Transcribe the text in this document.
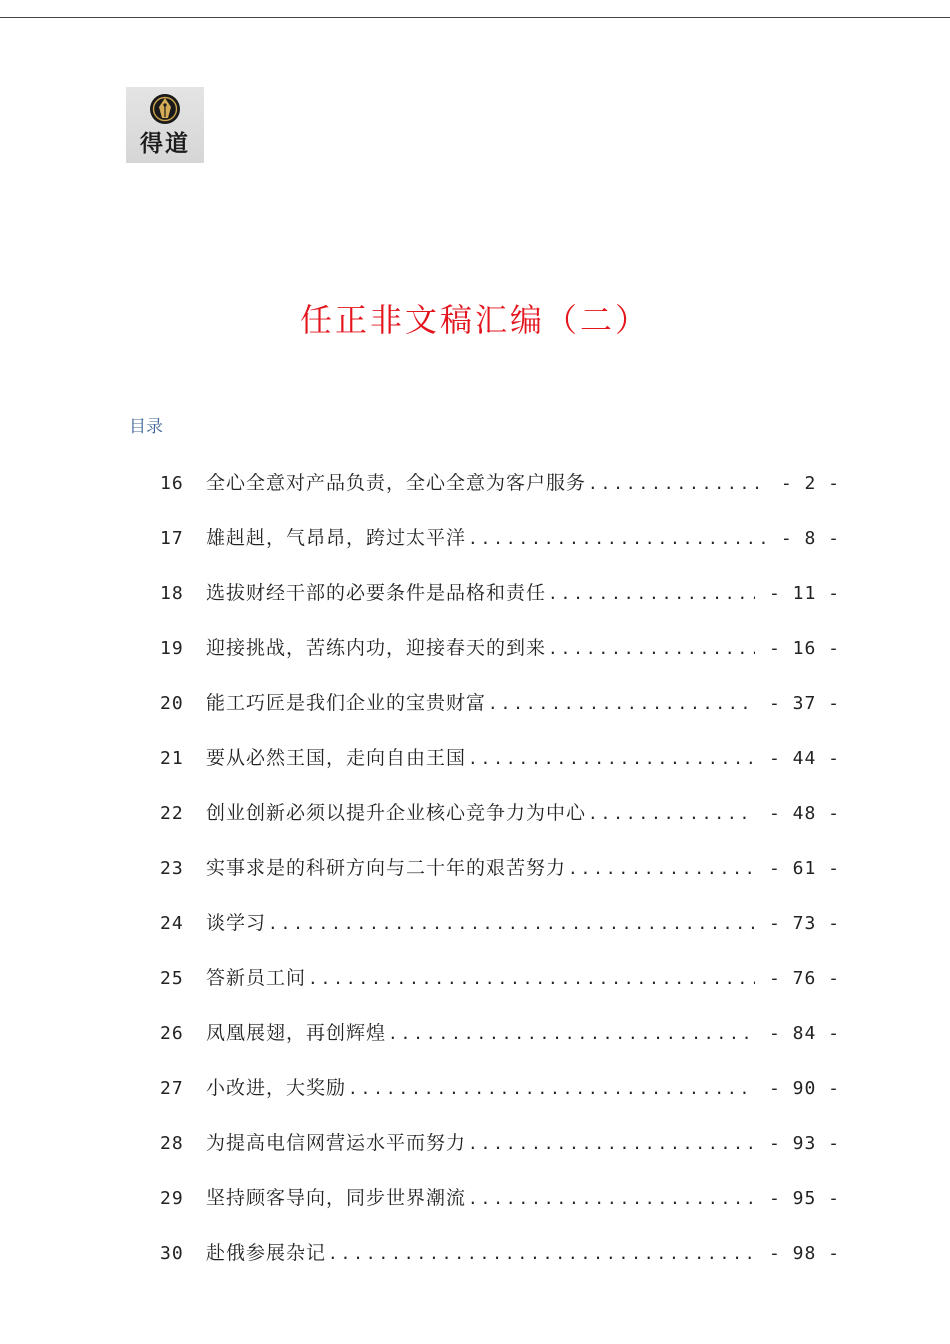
得道
任正非文稿汇编（二）
目录
16	全心全意对产品负责，全心全意为客户服务 .....	- 2 -
17	雄赳赳，气昂昂，跨过太平洋 .....	- 8 -
18	选拔财经干部的必要条件是品格和责任 .....	- 11 -
19	迎接挑战，苦练内功，迎接春天的到来 .....	- 16 -
20	能工巧匠是我们企业的宝贵财富 .....	- 37 -
21	要从必然王国，走向自由王国 .....	- 44 -
22	创业创新必须以提升企业核心竞争力为中心 .....	- 48 -
23	实事求是的科研方向与二十年的艰苦努力 .....	- 61 -
24	谈学习 .....	- 73 -
25	答新员工问 .....	- 76 -
26	凤凰展翅，再创辉煌 .....	- 84 -
27	小改进，大奖励 .....	- 90 -
28	为提高电信网营运水平而努力 .....	- 93 -
29	坚持顾客导向，同步世界潮流 .....	- 95 -
30	赴俄参展杂记 .....	- 98 -
